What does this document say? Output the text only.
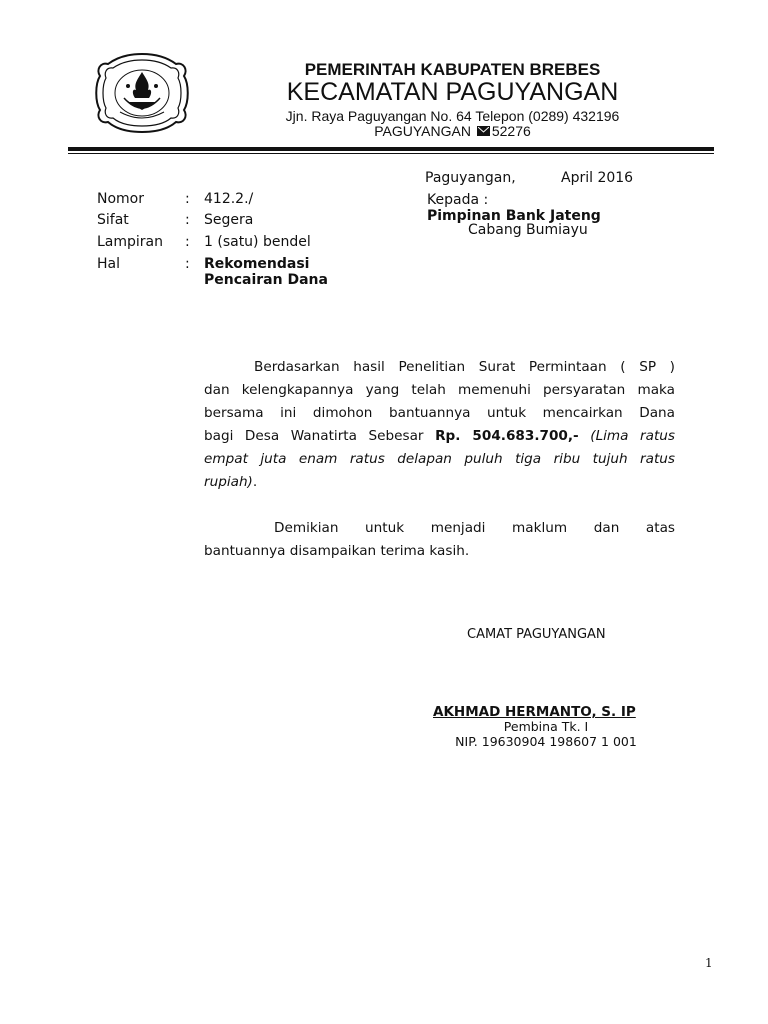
PEMERINTAH KABUPATEN BREBES
KECAMATAN PAGUYANGAN
Jjn. Raya Paguyangan No. 64 Telepon (0289) 432196
PAGUYANGAN 52276
Paguyangan,	April 2016
Nomor	: 412.2./
Sifat	: Segera
Lampiran : 1 (satu) bendel
Hal	: Rekomendasi
Pencairan Dana
Kepada :
Pimpinan Bank Jateng
Cabang Bumiayu
Berdasarkan hasil Penelitian Surat Permintaan ( SP )
dan kelengkapannya yang telah memenuhi persyaratan maka
bersama ini dimohon bantuannya untuk mencairkan Dana
bagi Desa Wanatirta Sebesar Rp. 504.683.700,- (Lima ratus
empat juta enam ratus delapan puluh tiga ribu tujuh ratus
rupiah).
Demikian untuk menjadi maklum dan atas
bantuannya disampaikan terima kasih.
CAMAT PAGUYANGAN
AKHMAD HERMANTO, S. IP
Pembina Tk. I
NIP. 19630904 198607 1 001
1
